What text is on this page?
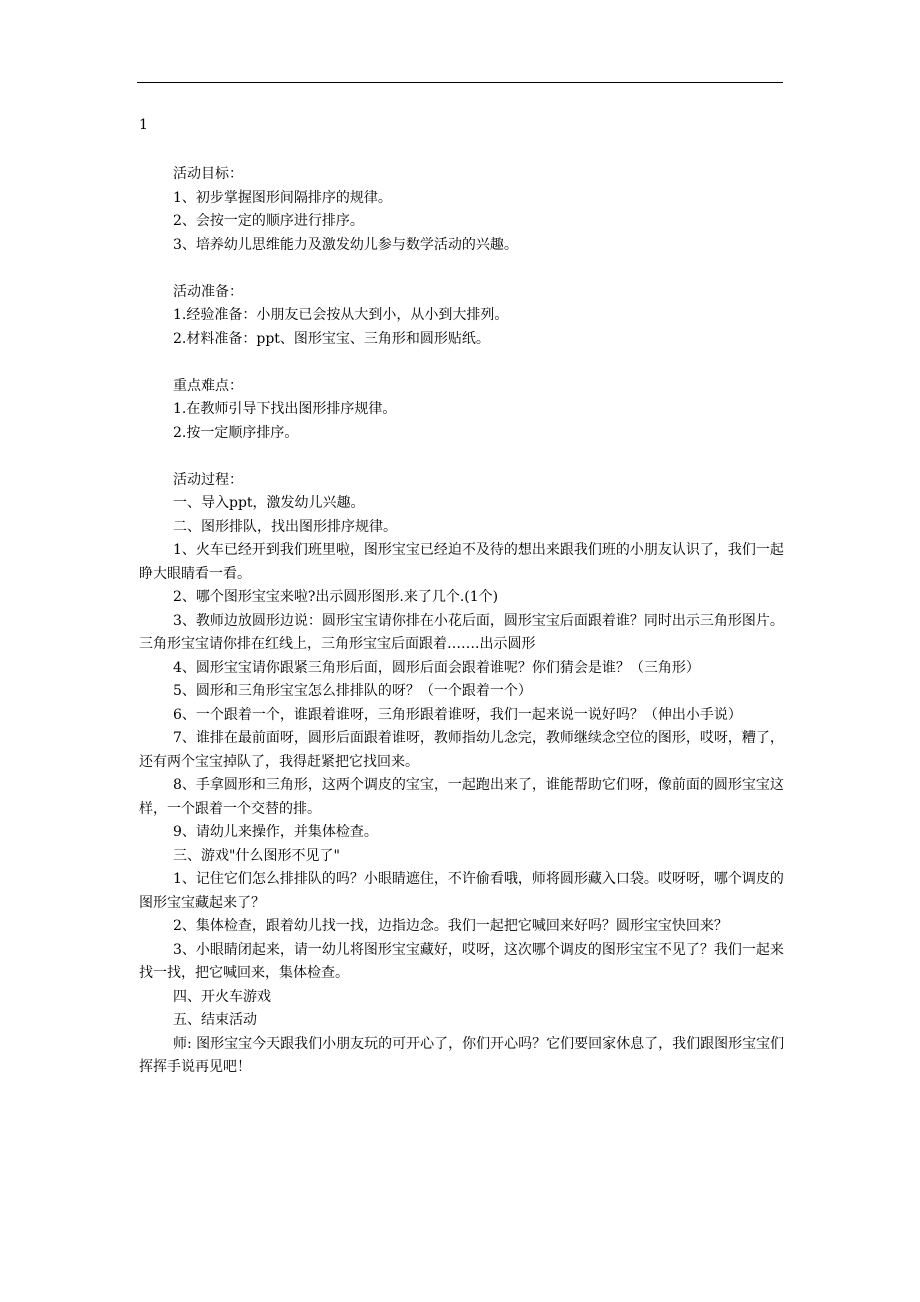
1

活动目标：

1、初步掌握图形间隔排序的规律。

2、会按一定的顺序进行排序。

3、培养幼儿思维能力及激发幼儿参与数学活动的兴趣。

活动准备：

1.经验准备：小朋友已会按从大到小，从小到大排列。

2.材料准备：ppt、图形宝宝、三角形和圆形贴纸。

重点难点：

1.在教师引导下找出图形排序规律。

2.按一定顺序排序。

活动过程：

一、导入ppt，激发幼儿兴趣。

二、图形排队，找出图形排序规律。

1、火车已经开到我们班里啦，图形宝宝已经迫不及待的想出来跟我们班的小朋友认识了，我们一起睁大眼睛看一看。

2、哪个图形宝宝来啦?出示圆形图形.来了几个.(1个)

3、教师边放圆形边说：圆形宝宝请你排在小花后面，圆形宝宝后面跟着谁？同时出示三角形图片。三角形宝宝请你排在红线上，三角形宝宝后面跟着…….出示圆形

4、圆形宝宝请你跟紧三角形后面，圆形后面会跟着谁呢？你们猜会是谁？（三角形）

5、圆形和三角形宝宝怎么排排队的呀？（一个跟着一个）

6、一个跟着一个，谁跟着谁呀，三角形跟着谁呀，我们一起来说一说好吗？（伸出小手说）

7、谁排在最前面呀，圆形后面跟着谁呀，教师指幼儿念完，教师继续念空位的图形，哎呀，糟了，还有两个宝宝掉队了，我得赶紧把它找回来。

8、手拿圆形和三角形，这两个调皮的宝宝，一起跑出来了，谁能帮助它们呀，像前面的圆形宝宝这样，一个跟着一个交替的排。

9、请幼儿来操作，并集体检查。

三、游戏"什么图形不见了"

1、记住它们怎么排排队的吗？小眼睛遮住，不许偷看哦，师将圆形藏入口袋。哎呀呀，哪个调皮的图形宝宝藏起来了？

2、集体检查，跟着幼儿找一找，边指边念。我们一起把它喊回来好吗？圆形宝宝快回来？

3、小眼睛闭起来，请一幼儿将图形宝宝藏好，哎呀，这次哪个调皮的图形宝宝不见了？我们一起来找一找，把它喊回来，集体检查。

四、开火车游戏

五、结束活动

师: 图形宝宝今天跟我们小朋友玩的可开心了，你们开心吗？它们要回家休息了，我们跟图形宝宝们挥挥手说再见吧！
